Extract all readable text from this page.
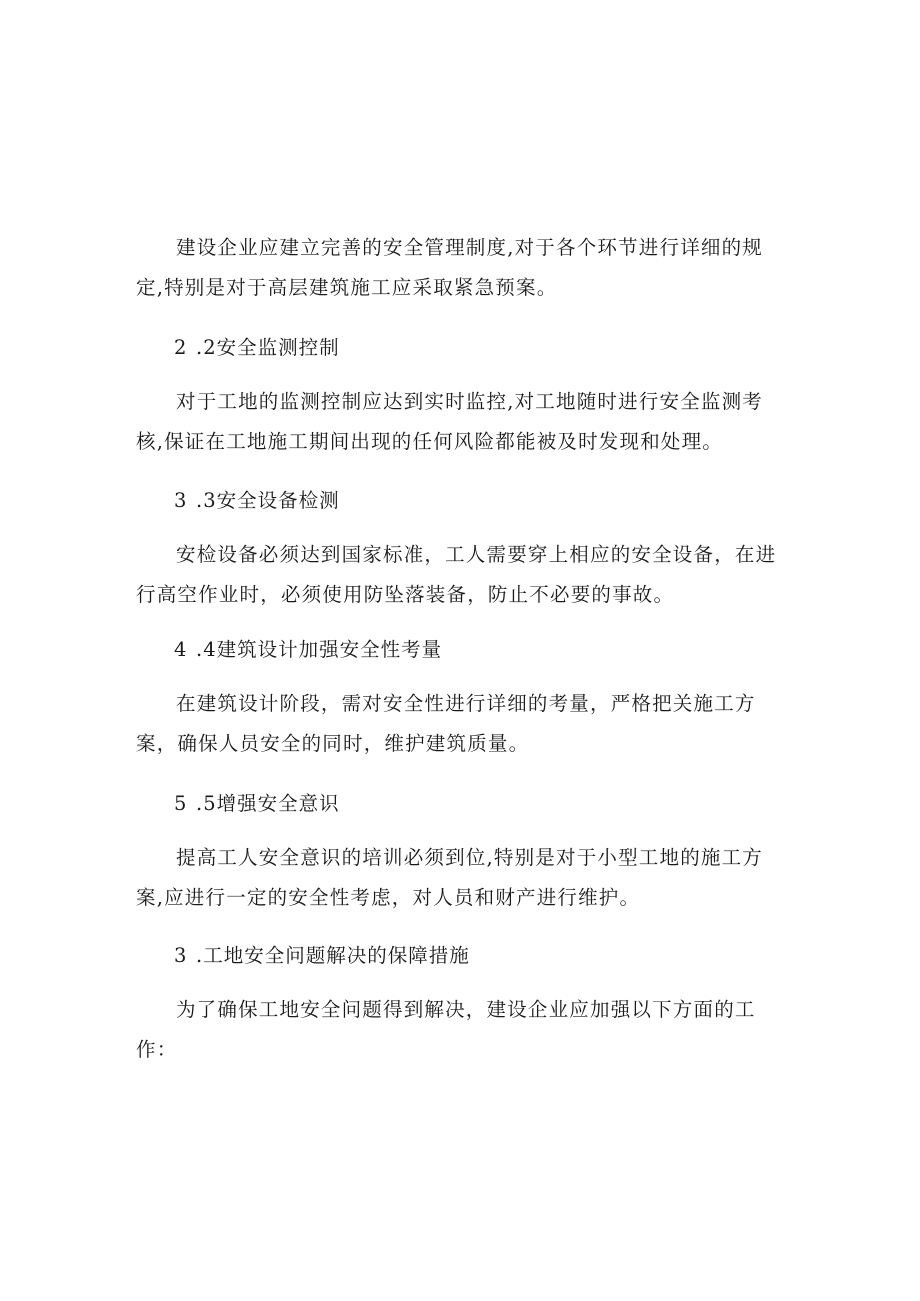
建设企业应建立完善的安全管理制度,对于各个环节进行详细的规定,特别是对于高层建筑施工应采取紧急预案。

2 .2安全监测控制

对于工地的监测控制应达到实时监控,对工地随时进行安全监测考核,保证在工地施工期间出现的任何风险都能被及时发现和处理。

3 .3安全设备检测

安检设备必须达到国家标准，工人需要穿上相应的安全设备，在进行高空作业时，必须使用防坠落装备，防止不必要的事故。

4 .4建筑设计加强安全性考量

在建筑设计阶段，需对安全性进行详细的考量，严格把关施工方案，确保人员安全的同时，维护建筑质量。

5 .5增强安全意识

提高工人安全意识的培训必须到位,特别是对于小型工地的施工方案,应进行一定的安全性考虑，对人员和财产进行维护。

3 .工地安全问题解决的保障措施

为了确保工地安全问题得到解决，建设企业应加强以下方面的工作：
